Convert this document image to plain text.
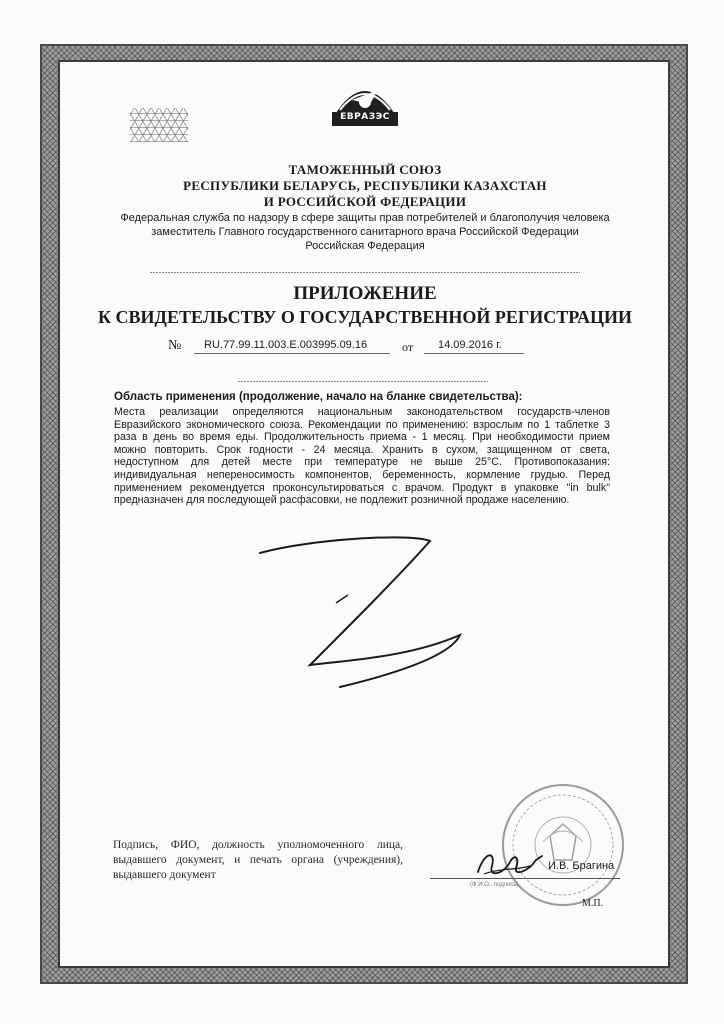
ЕВРАЗЭС
ТАМОЖЕННЫЙ СОЮЗ
РЕСПУБЛИКИ БЕЛАРУСЬ, РЕСПУБЛИКИ КАЗАХСТАН
И РОССИЙСКОЙ ФЕДЕРАЦИИ
Федеральная служба по надзору в сфере защиты прав потребителей и благополучия человека
заместитель Главного государственного санитарного врача Российской Федерации
Российская Федерация
ПРИЛОЖЕНИЕ
К СВИДЕТЕЛЬСТВУ О ГОСУДАРСТВЕННОЙ РЕГИСТРАЦИИ
№ RU.77.99.11.003.E.003995.09.16	от 14.09.2016 г.
Область применения (продолжение, начало на бланке свидетельства):
Места реализации определяются национальным законодательством государств-членов Евразийского экономического союза. Рекомендации по применению: взрослым по 1 таблетке 3 раза в день во время еды. Продолжительность приема - 1 месяц. При необходимости прием можно повторить. Срок годности - 24 месяца. Хранить в сухом, защищенном от света, недоступном для детей месте при температуре не выше 25°С. Противопоказания: индивидуальная непереносимость компонентов, беременность, кормление грудью. Перед применением рекомендуется проконсультироваться с врачом. Продукт в упаковке "in bulk" предназначен для последующей расфасовки, не подлежит розничной продаже населению.
Подпись, ФИО, должность уполномоченного лица, выдавшего документ, и печать органа (учреждения), выдавшего документ
И.В. Брагина
(Ф.И.О., подпись)
М.П.
